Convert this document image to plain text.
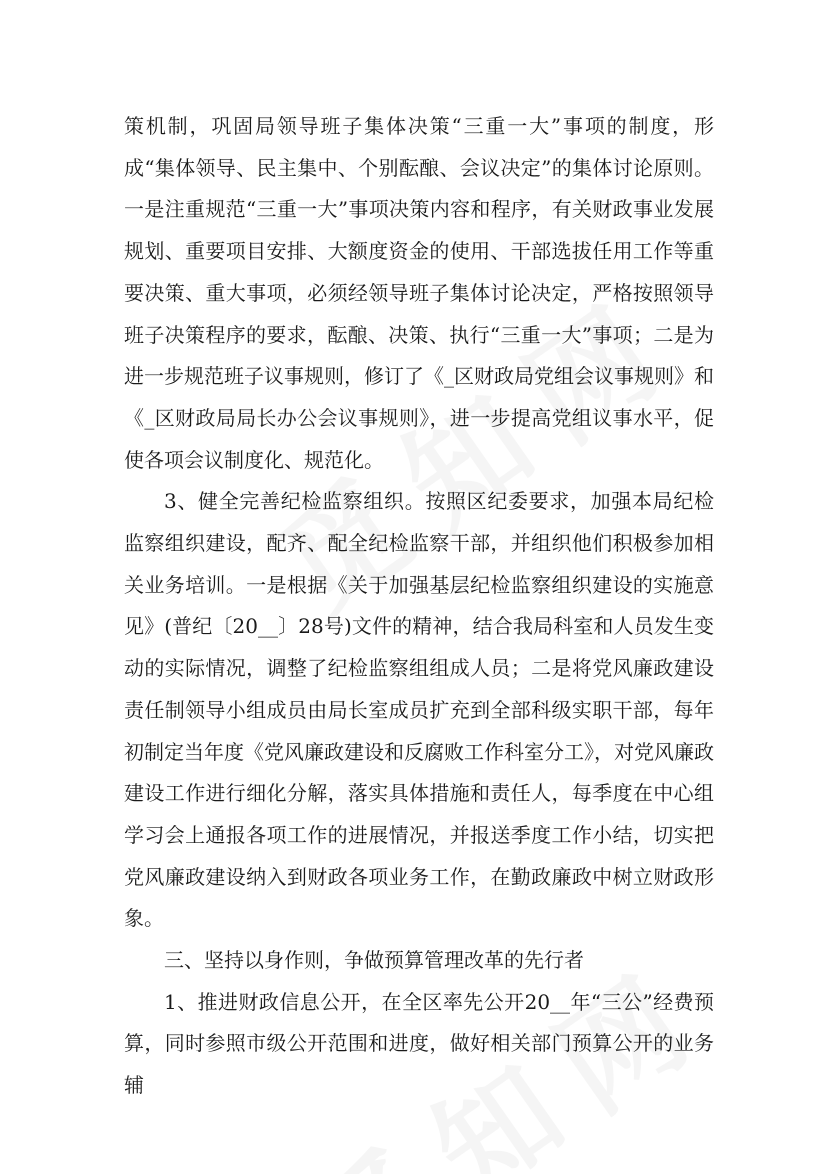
策机制，巩固局领导班子集体决策“三重一大”事项的制度，形成“集体领导、民主集中、个别酝酿、会议决定”的集体讨论原则。一是注重规范“三重一大”事项决策内容和程序，有关财政事业发展规划、重要项目安排、大额度资金的使用、干部选拔任用工作等重要决策、重大事项，必须经领导班子集体讨论决定，严格按照领导班子决策程序的要求，酝酿、决策、执行“三重一大”事项；二是为进一步规范班子议事规则，修订了《_区财政局党组会议事规则》和《_区财政局局长办公会议事规则》，进一步提高党组议事水平，促使各项会议制度化、规范化。

3、健全完善纪检监察组织。按照区纪委要求，加强本局纪检监察组织建设，配齐、配全纪检监察干部，并组织他们积极参加相关业务培训。一是根据《关于加强基层纪检监察组织建设的实施意见》(普纪〔20__〕28号)文件的精神，结合我局科室和人员发生变动的实际情况，调整了纪检监察组组成人员；二是将党风廉政建设责任制领导小组成员由局长室成员扩充到全部科级实职干部，每年初制定当年度《党风廉政建设和反腐败工作科室分工》，对党风廉政建设工作进行细化分解，落实具体措施和责任人，每季度在中心组学习会上通报各项工作的进展情况，并报送季度工作小结，切实把党风廉政建设纳入到财政各项业务工作，在勤政廉政中树立财政形象。

三、坚持以身作则，争做预算管理改革的先行者

1、推进财政信息公开，在全区率先公开20__年“三公”经费预算，同时参照市级公开范围和进度，做好相关部门预算公开的业务辅
